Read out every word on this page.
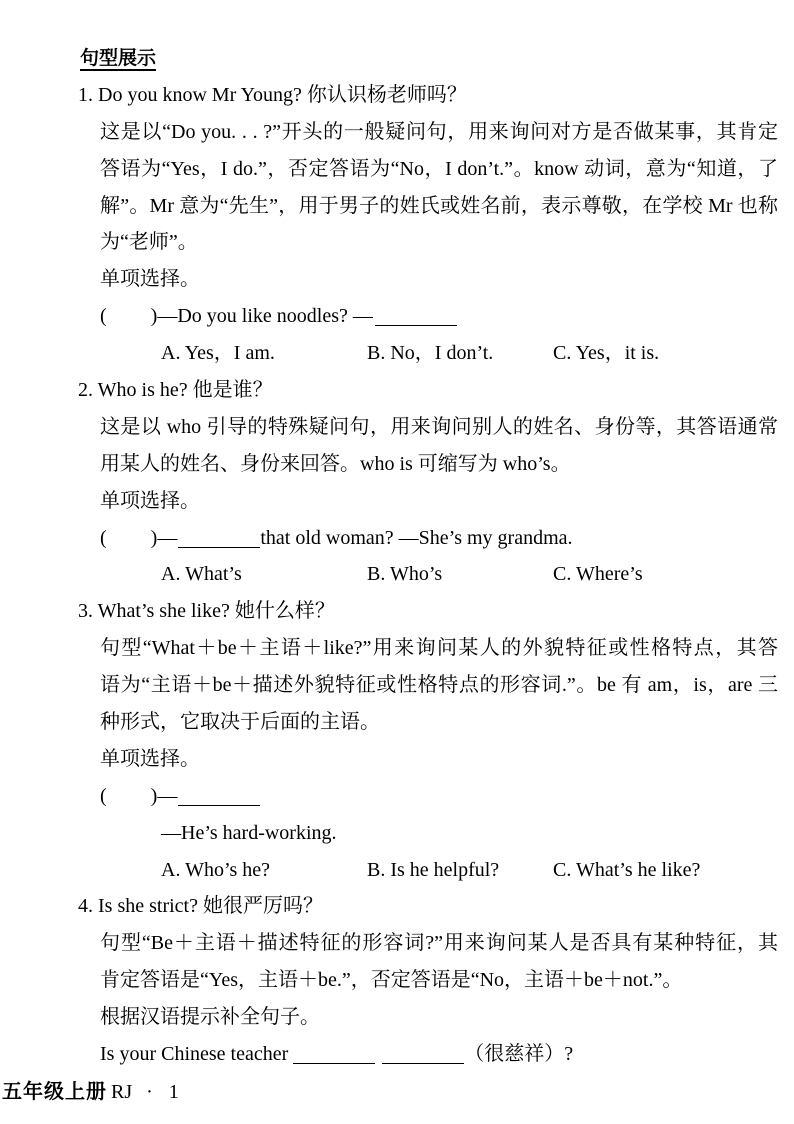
句型展示
1. Do you know Mr Young? 你认识杨老师吗？
这是以“Do you. . . ?”开头的一般疑问句，用来询问对方是否做某事，其肯定
答语为“Yes，I do.”，否定答语为“No，I don’t.”。know 动词，意为“知道，了
解”。Mr 意为“先生”，用于男子的姓氏或姓名前，表示尊敬，在学校 Mr 也称
为“老师”。
单项选择。
( )—Do you like noodles? —
A. Yes，I am.	B. No，I don’t.	C. Yes，it is.
2. Who is he? 他是谁？
这是以 who 引导的特殊疑问句，用来询问别人的姓名、身份等，其答语通常
用某人的姓名、身份来回答。who is 可缩写为 who’s。
单项选择。
( )—	that old woman? —She’s my grandma.
A. What’s	B. Who’s	C. Where’s
3. What’s she like? 她什么样？
句型“What＋be＋主语＋like?”用来询问某人的外貌特征或性格特点，其答
语为“主语＋be＋描述外貌特征或性格特点的形容词.”。be 有 am，is，are 三
种形式，它取决于后面的主语。
单项选择。
( )—
—He’s hard-working.
A. Who’s he?	B. Is he helpful?	C. What’s he like?
4. Is she strict? 她很严厉吗？
句型“Be＋主语＋描述特征的形容词?”用来询问某人是否具有某种特征，其
肯定答语是“Yes，主语＋be.”，否定答语是“No，主语＋be＋not.”。
根据汉语提示补全句子。
Is your Chinese teacher	（很慈祥）?
五年级上册 RJ · 1
